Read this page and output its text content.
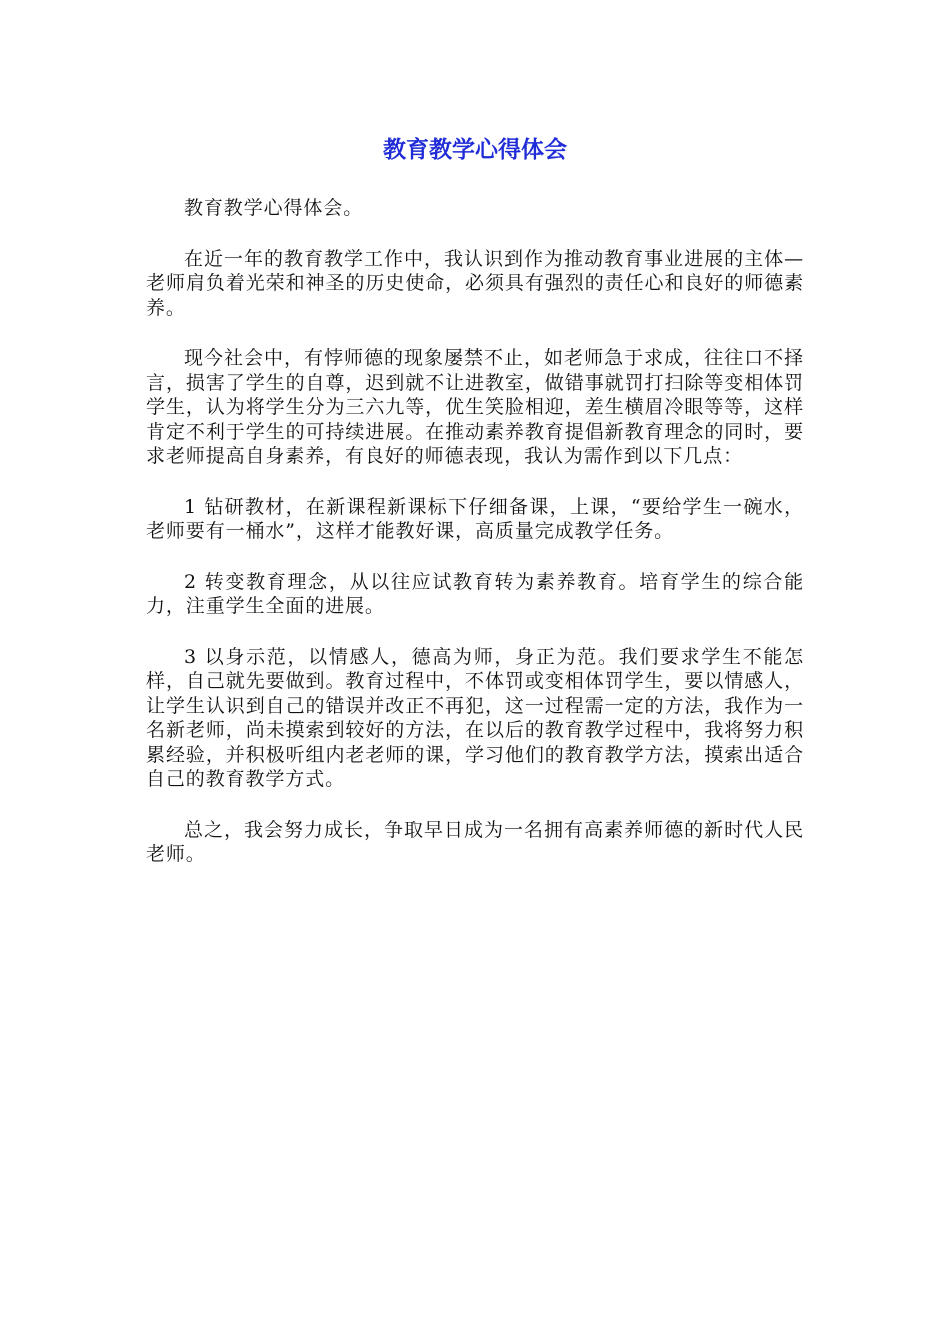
教育教学心得体会

教育教学心得体会。

在近一年的教育教学工作中，我认识到作为推动教育事业进展的主体—老师肩负着光荣和神圣的历史使命，必须具有强烈的责任心和良好的师德素养。

现今社会中，有悖师德的现象屡禁不止，如老师急于求成，往往口不择言，损害了学生的自尊，迟到就不让进教室，做错事就罚打扫除等变相体罚学生，认为将学生分为三六九等，优生笑脸相迎，差生横眉冷眼等等，这样肯定不利于学生的可持续进展。在推动素养教育提倡新教育理念的同时，要求老师提高自身素养，有良好的师德表现，我认为需作到以下几点：

1 钻研教材，在新课程新课标下仔细备课，上课，“要给学生一碗水，老师要有一桶水”，这样才能教好课，高质量完成教学任务。

2 转变教育理念，从以往应试教育转为素养教育。培育学生的综合能力，注重学生全面的进展。

3 以身示范，以情感人，德高为师，身正为范。我们要求学生不能怎样，自己就先要做到。教育过程中，不体罚或变相体罚学生，要以情感人，让学生认识到自己的错误并改正不再犯，这一过程需一定的方法，我作为一名新老师，尚未摸索到较好的方法，在以后的教育教学过程中，我将努力积累经验，并积极听组内老老师的课，学习他们的教育教学方法，摸索出适合自己的教育教学方式。

总之，我会努力成长，争取早日成为一名拥有高素养师德的新时代人民老师。
